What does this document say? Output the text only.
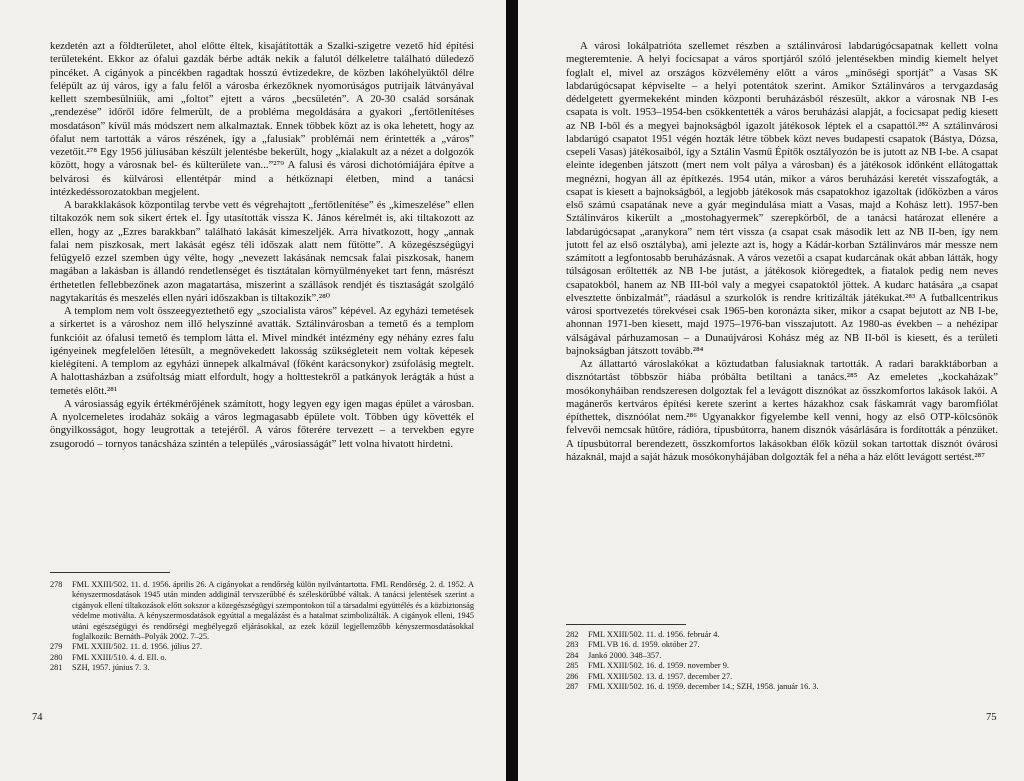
kezdetén azt a földterületet, ahol előtte éltek, kisajátították a Szalki-szigetre vezető híd építési területeként. Ekkor az ófalui gazdák bérbe adták nekik a falutól délkeletre található düledező pincéket. A cigányok a pincékben ragadtak hosszú évtizedekre, de közben lakóhelyüktől délre felépült az új város, így a falu felől a városba érkezőknek nyomorúságos putrijaik látványával kellett szembesülniük, ami „foltot” ejtett a város „becsületén”. A 20-30 család sorsának „rendezése” időről időre felmerült, de a probléma megoldására a gyakori „fertőtlenítéses mosdatáson” kívül más módszert nem alkalmaztak. Ennek többek közt az is oka lehetett, hogy az ófalut nem tartották a város részének, így a „falusiak” problémái nem érintették a „város” vezetőit.²⁷⁸ Egy 1956 júliusában készült jelentésbe bekerült, hogy „kialakult az a nézet a dolgozók között, hogy a városnak bel- és külterülete van...”²⁷⁹ A falusi és városi dichotómiájára építve a belvárosi és külvárosi ellentétpár mind a hétköznapi életben, mind a tanácsi intézkedéssorozatokban megjelent.

A barakklakások központilag tervbe vett és végrehajtott „fertőtlenítése” és „kimeszelése” ellen tiltakozók nem sok sikert értek el. Így utasították vissza K. János kérelmét is, aki tiltakozott az ellen, hogy az „Ezres barakkban” található lakását kimeszeljék. Arra hivatkozott, hogy „annak falai nem piszkosak, mert lakását egész téli időszak alatt nem fűtötte”. A közegészségügyi felügyelő ezzel szemben úgy vélte, hogy „nevezett lakásának nemcsak falai piszkosak, hanem magában a lakásban is állandó rendetlenséget és tisztátalan környülményeket tart fenn, másrészt érthetetlen fellebbezőnek azon magatartása, miszerint a szállások rendjét és tisztaságát szolgáló nagytakarítás és meszelés ellen nyári időszakban is tiltakozik”.²⁸⁰

A templom nem volt összeegyeztethető egy „szocialista város” képével. Az egyházi temetések a sírkertet is a városhoz nem illő helyszínné avatták. Sztálinvárosban a temető és a templom funkcióit az ófalusi temető és templom látta el. Mivel mindkét intézmény egy néhány ezres falu igényeinek megfelelően létesült, a megnövekedett lakosság szükségleteit nem voltak képesek kielégíteni. A templom az egyházi ünnepek alkalmával (főként karácsonykor) zsúfolásig megtelt. A halottasházban a zsúfoltság miatt elfordult, hogy a holttestekről a patkányok lerágták a húst a temetés előtt.²⁸¹

A városiasság egyik értékmérőjének számított, hogy legyen egy igen magas épület a városban. A nyolcemeletes irodaház sokáig a város legmagasabb épülete volt. Többen úgy követték el öngyilkosságot, hogy leugrottak a tetejéről. A város főterére tervezett – a tervekben egyre zsugorodó – tornyos tanácsháza szintén a település „városiasságát” lett volna hivatott hirdetni.

278	FML XXIII/502. 11. d. 1956. április 26. A cigányokat a rendőrség külön nyilvántartotta. FML Rendőrség. 2. d. 1952. A kényszermosdatások 1945 után minden addiginál tervszerűbbé és széleskörűbbé váltak. A tanácsi jelentések szerint a cigányok ellení tiltakozások előtt sokszor a közegészségügyi szempontokon túl a társadalmi együttélés és a közbiztonság védelme motiválta. A kényszermosdatások egyúttal a megalázást és a hatalmat szimbolizálták. A cigányok elleni, 1945 utáni egészségügyi és rendőrségi megbélyegző eljárásokkal, az ezek közül legjellemzőbb kényszermosdatásokkal foglalkozik: Bernáth–Polyák 2002. 7–25.
279	FML XXIII/502. 11. d. 1956. július 27.
280	FML XXIII/510. 4. d. Ell. o.
281	SZH, 1957. június 7. 3.
74

A városi lokálpatrióta szellemet részben a sztálinvárosi labdarúgócsapatnak kellett volna megteremtenie. A helyi focicsapat a város sportjáról szóló jelentésekben mindig kiemelt helyet foglalt el, mivel az országos közvélemény előtt a város „minőségi sportját” a Vasas SK labdarúgócsapat képviselte – a helyi potentátok szerint. Amikor Sztálinváros a tervgazdaság dédelgetett gyermekeként minden központi beruházásból részesült, akkor a városnak NB I-es csapata is volt. 1953–1954-ben csökkentették a város beruházási alapját, a focicsapat pedig kiesett az NB I-ből és a megyei bajnokságból igazolt játékosok léptek el a csapattól.²⁸² A sztálinvárosi labdarúgó csapatot 1951 végén hozták létre többek közt neves budapesti csapatok (Bástya, Dózsa, csepeli Vasas) játékosaiból, így a Sztálin Vasmű Építők osztályozón be is jutott az NB I-be. A csapat eleinte idegenben játszott (mert nem volt pálya a városban) és a játékosok időnként ellátogattak megnézni, hogyan áll az építkezés. 1954 után, mikor a város beruházási keretét visszafogták, a csapat is kiesett a bajnokságból, a legjobb játékosok más csapatokhoz igazoltak (időközben a város első számú csapatának neve a gyár megindulása miatt a Vasas, majd a Kohász lett). 1957-ben Sztálinváros kikerült a „mostohagyermek” szerepkörből, de a tanácsi határozat ellenére a labdarúgócsapat „aranykora” nem tért vissza (a csapat csak második lett az NB II-ben, így nem jutott fel az első osztályba), ami jelezte azt is, hogy a Kádár-korban Sztálinváros már messze nem számított a legfontosabb beruházásnak. A város vezetői a csapat kudarcának okát abban látták, hogy túlságosan erőltették az NB I-be jutást, a játékosok kiöregedtek, a fiatalok pedig nem neves csapatokból, hanem az NB III-ból valy a megyei csapatoktól jöttek. A kudarc hatására „a csapat elvesztette önbizalmát”, ráadásul a szurkolók is rendre kritizálták játékukat.²⁸³ A futballcentrikus városi sportvezetés törekvései csak 1965-ben koronázta siker, mikor a csapat bejutott az NB I-be, ahonnan 1971-ben kiesett, majd 1975–1976-ban visszajutott. Az 1980-as években – a nehézipar válságával párhuzamosan – a Dunaújvárosi Kohász még az NB II-ből is kiesett, és a területi bajnokságban játszott tovább.²⁸⁴

Az állattartó városlakókat a köztudatban falusiaknak tartották. A radari barakktáborban a disznótartást többször hiába próbálta betiltani a tanács.²⁸⁵ Az emeletes „kockaházak” mosókonyháiban rendszeresen dolgoztak fel a levágott disznókat az összkomfortos lakások lakói. A magánerős kertváros építési kerete szerint a kertes házakhoz csak fáskamrát vagy baromfiólat építhettek, disznóólat nem.²⁸⁶ Ugyanakkor figyelembe kell venni, hogy az első OTP-kölcsönök felvevői nemcsak hűtőre, rádióra, típusbútorra, hanem disznók vásárlására is fordították a pénzüket. A típusbútorral berendezett, összkomfortos lakásokban élők közül sokan tartottak disznót óvárosi házaknál, majd a saját házuk mosókonyhájában dolgozták fel a néha a ház előtt levágott sertést.²⁸⁷

282	FML XXIII/502. 11. d. 1956. február 4.
283	FML VB 16. d. 1959. október 27.
284	Jankó 2000. 348–357.
285	FML XXIII/502. 16. d. 1959. november 9.
286	FML XXIII/502. 13. d. 1957. december 27.
287	FML XXIII/502. 16. d. 1959. december 14.; SZH, 1958. január 16. 3.
75
